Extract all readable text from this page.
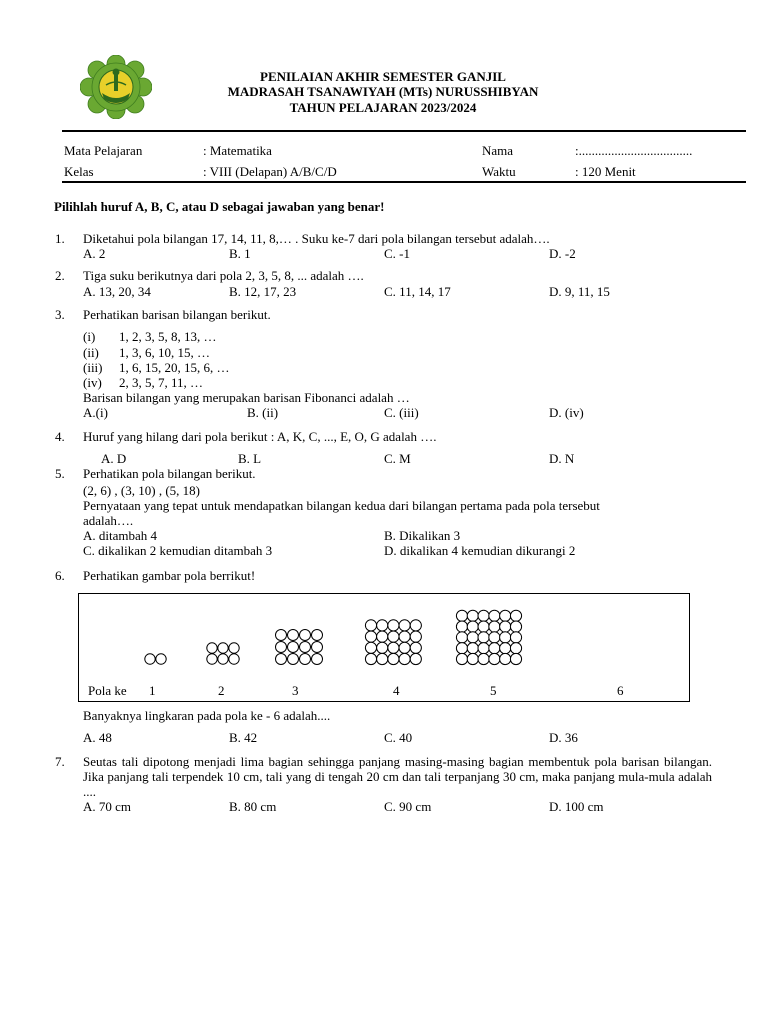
PENILAIAN AKHIR SEMESTER GANJIL
MADRASAH TSANAWIYAH (MTs) NURUSSHIBYAN
TAHUN PELAJARAN 2023/2024
Mata Pelajaran	: Matematika	Nama	:...................................
Kelas	: VIII (Delapan) A/B/C/D	Waktu	: 120 Menit
Pilihlah huruf A, B, C, atau D sebagai jawaban yang benar!
1. Diketahui pola bilangan 17, 14, 11, 8,… . Suku ke-7 dari pola bilangan tersebut adalah….
A. 2	B. 1	C. -1	D. -2
2. Tiga suku berikutnya dari pola 2, 3, 5, 8, ... adalah ….
A. 13, 20, 34	B. 12, 17, 23	C. 11, 14, 17	D. 9, 11, 15
3. Perhatikan barisan bilangan berikut.
(i) 1, 2, 3, 5, 8, 13, …
(ii) 1, 3, 6, 10, 15, …
(iii) 1, 6, 15, 20, 15, 6, …
(iv) 2, 3, 5, 7, 11, …
Barisan bilangan yang merupakan barisan Fibonanci adalah …
A.(i)	B. (ii)	C. (iii)	D. (iv)
4. Huruf yang hilang dari pola berikut : A, K, C, ..., E, O, G adalah ….
A. D	B. L	C. M	D. N
5. Perhatikan pola bilangan berikut.
(2, 6) , (3, 10) , (5, 18)
Pernyataan yang tepat untuk mendapatkan bilangan kedua dari bilangan pertama pada pola tersebut
adalah….
A. ditambah 4	B. Dikalikan 3
C. dikalikan 2 kemudian ditambah 3	D. dikalikan 4 kemudian dikurangi 2
6. Perhatikan gambar pola berrikut!
Pola ke 1	2	3	4	5	6
Banyaknya lingkaran pada pola ke - 6 adalah....
A. 48	B. 42	C. 40	D. 36
7. Seutas tali dipotong menjadi lima bagian sehingga panjang masing-masing bagian membentuk pola barisan bilangan. Jika panjang tali terpendek 10 cm, tali yang di tengah 20 cm dan tali terpanjang 30 cm, maka panjang mula-mula adalah ....
A. 70 cm	B. 80 cm	C. 90 cm	D. 100 cm
